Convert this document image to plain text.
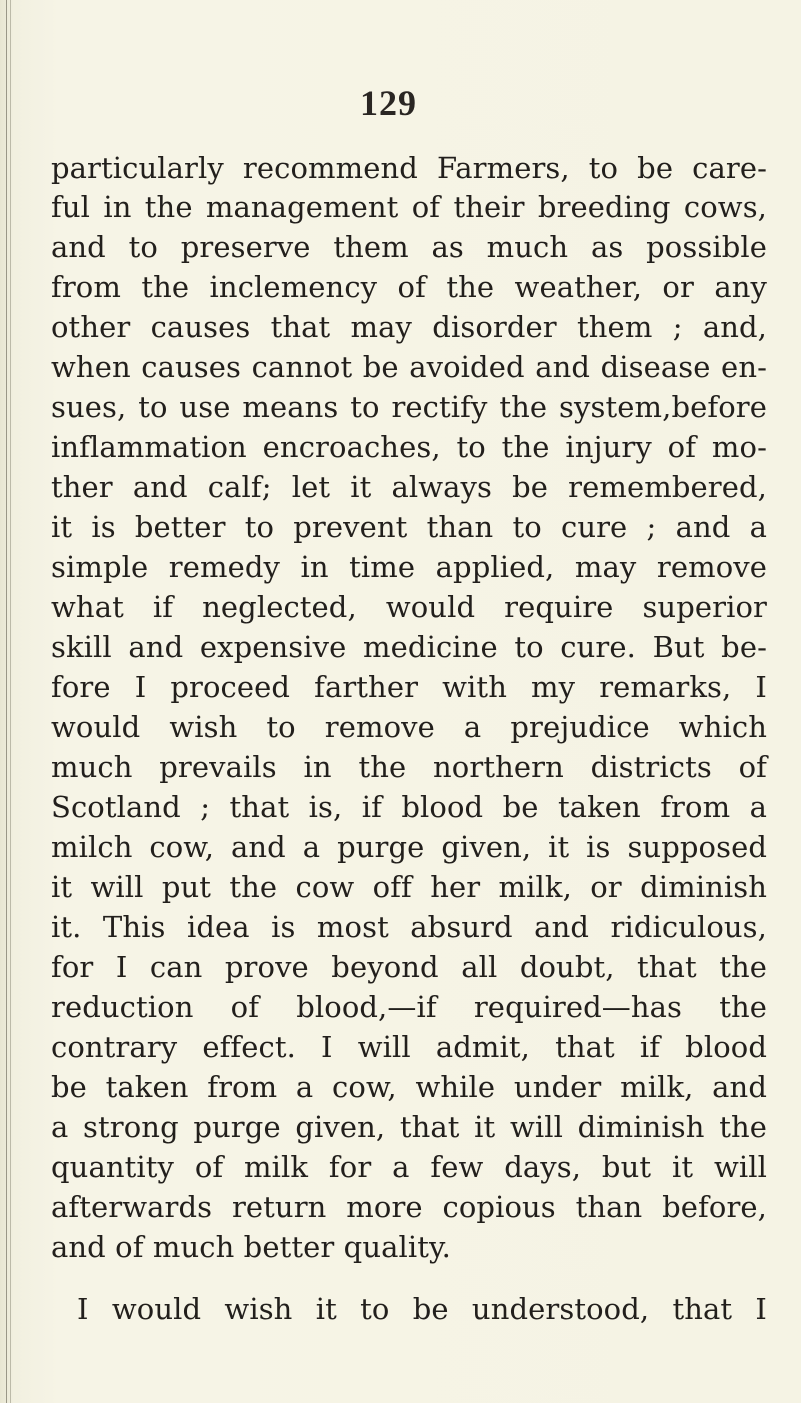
129
particularly recommend Farmers, to be care-
ful in the management of their breeding cows,
and to preserve them as much as possible
from the inclemency of the weather, or any
other causes that may disorder them ; and,
when causes cannot be avoided and disease en-
sues, to use means to rectify the system,before
inflammation encroaches, to the injury of mo-
ther and calf; let it always be remembered,
it is better to prevent than to cure ; and a
simple remedy in time applied, may remove
what if neglected, would require superior
skill and expensive medicine to cure. But be-
fore I proceed farther with my remarks, I
would wish to remove a prejudice which
much prevails in the northern districts of
Scotland ; that is, if blood be taken from a
milch cow, and a purge given, it is supposed
it will put the cow off her milk, or diminish
it. This idea is most absurd and ridiculous,
for I can prove beyond all doubt, that the
reduction of blood,—if required—has the
contrary effect. I will admit, that if blood
be taken from a cow, while under milk, and
a strong purge given, that it will diminish the
quantity of milk for a few days, but it will
afterwards return more copious than before,
and of much better quality.
I would wish it to be understood, that I
